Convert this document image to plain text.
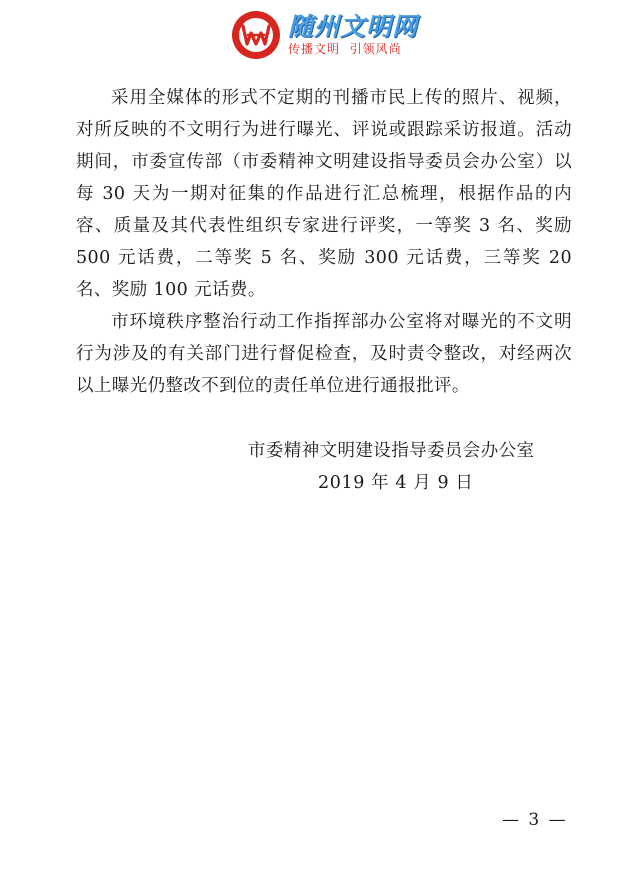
随州文明网
传播文明  引领风尚

采用全媒体的形式不定期的刊播市民上传的照片、视频，对所反映的不文明行为进行曝光、评说或跟踪采访报道。活动期间，市委宣传部（市委精神文明建设指导委员会办公室）以每 30 天为一期对征集的作品进行汇总梳理，根据作品的内容、质量及其代表性组织专家进行评奖，一等奖 3 名、奖励 500 元话费，二等奖 5 名、奖励 300 元话费，三等奖 20 名、奖励 100 元话费。

市环境秩序整治行动工作指挥部办公室将对曝光的不文明行为涉及的有关部门进行督促检查，及时责令整改，对经两次以上曝光仍整改不到位的责任单位进行通报批评。

市委精神文明建设指导委员会办公室
2019 年 4 月 9 日
— 3 —
